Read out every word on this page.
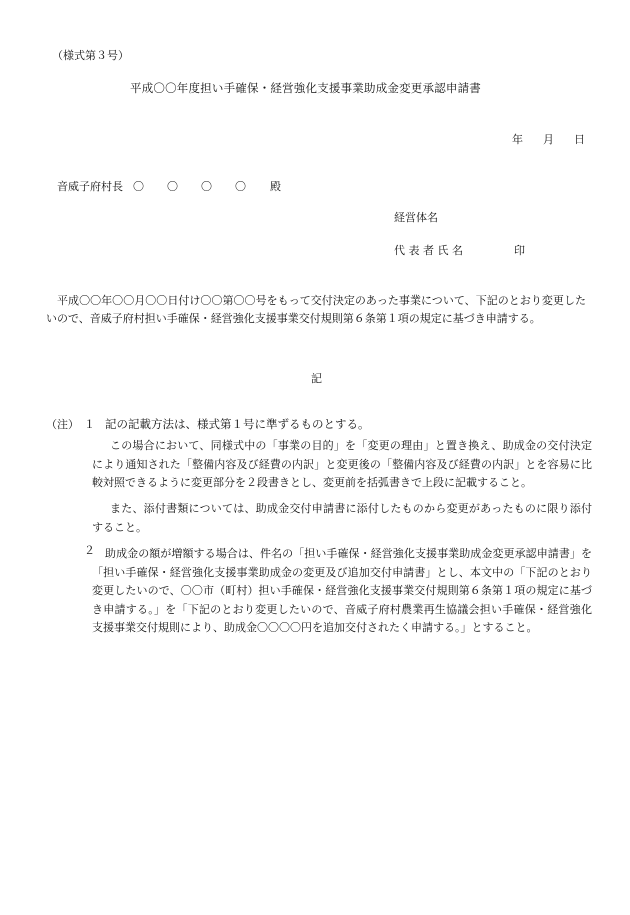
（様式第３号）
平成〇〇年度担い手確保・経営強化支援事業助成金変更承認申請書
年 月 日
音威子府村長 〇　〇　〇　〇 殿
経営体名
代表者氏名	印
平成〇〇年〇〇月〇〇日付け〇〇第〇〇号をもって交付決定のあった事業について、下記のとおり変更したいので、音威子府村担い手確保・経営強化支援事業交付規則第６条第１項の規定に基づき申請する。
記
（注） １ 記の記載方法は、様式第１号に準ずるものとする。
この場合において、同様式中の「事業の目的」を「変更の理由」と置き換え、助成金の交付決定により通知された「整備内容及び経費の内訳」と変更後の「整備内容及び経費の内訳」とを容易に比較対照できるように変更部分を２段書きとし、変更前を括弧書きで上段に記載すること。
また、添付書類については、助成金交付申請書に添付したものから変更があったものに限り添付すること。
２ 助成金の額が増額する場合は、件名の「担い手確保・経営強化支援事業助成金変更承認申請書」を「担い手確保・経営強化支援事業助成金の変更及び追加交付申請書」とし、本文中の「下記のとおり変更したいので、〇〇市（町村）担い手確保・経営強化支援事業交付規則第６条第１項の規定に基づき申請する。」を「下記のとおり変更したいので、音威子府村農業再生協議会担い手確保・経営強化支援事業交付規則により、助成金〇〇〇〇円を追加交付されたく申請する。」とすること。
